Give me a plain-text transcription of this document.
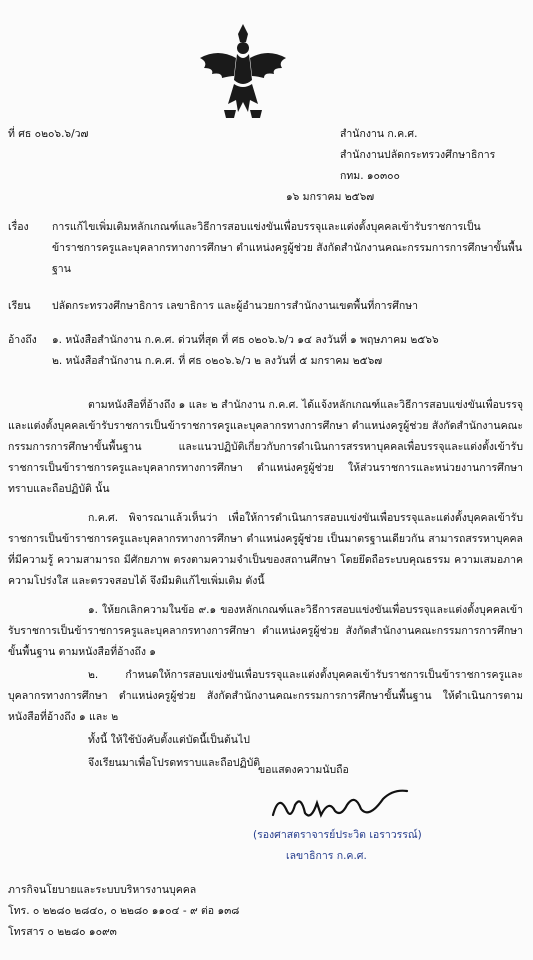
ที่ ศธ ๐๒๐๖.๖/ว๗	สำนักงาน ก.ค.ศ.
สำนักงานปลัดกระทรวงศึกษาธิการ
กทม. ๑๐๓๐๐
๑๖ มกราคม ๒๕๖๗
เรื่อง การแก้ไขเพิ่มเติมหลักเกณฑ์และวิธีการสอบแข่งขันเพื่อบรรจุและแต่งตั้งบุคคลเข้ารับราชการเป็นข้าราชการครูและบุคลากรทางการศึกษา ตำแหน่งครูผู้ช่วย สังกัดสำนักงานคณะกรรมการการศึกษาขั้นพื้นฐาน
เรียน ปลัดกระทรวงศึกษาธิการ เลขาธิการ และผู้อำนวยการสำนักงานเขตพื้นที่การศึกษา
อ้างถึง ๑. หนังสือสำนักงาน ก.ค.ศ. ด่วนที่สุด ที่ ศธ ๐๒๐๖.๖/ว ๑๔ ลงวันที่ ๑ พฤษภาคม ๒๕๖๖
๒. หนังสือสำนักงาน ก.ค.ศ. ที่ ศธ ๐๒๐๖.๖/ว ๒ ลงวันที่ ๕ มกราคม ๒๕๖๗
ตามหนังสือที่อ้างถึง ๑ และ ๒ สำนักงาน ก.ค.ศ. ได้แจ้งหลักเกณฑ์และวิธีการสอบแข่งขันเพื่อบรรจุและแต่งตั้งบุคคลเข้ารับราชการเป็นข้าราชการครูและบุคลากรทางการศึกษา ตำแหน่งครูผู้ช่วย สังกัดสำนักงานคณะกรรมการการศึกษาขั้นพื้นฐาน และแนวปฏิบัติเกี่ยวกับการดำเนินการสรรหาบุคคลเพื่อบรรจุและแต่งตั้งเข้ารับราชการเป็นข้าราชการครูและบุคลากรทางการศึกษา ตำแหน่งครูผู้ช่วย ให้ส่วนราชการและหน่วยงานการศึกษาทราบและถือปฏิบัติ นั้น
ก.ค.ศ. พิจารณาแล้วเห็นว่า เพื่อให้การดำเนินการสอบแข่งขันเพื่อบรรจุและแต่งตั้งบุคคลเข้ารับราชการเป็นข้าราชการครูและบุคลากรทางการศึกษา ตำแหน่งครูผู้ช่วย เป็นมาตรฐานเดียวกัน สามารถสรรหาบุคคลที่มีความรู้ ความสามารถ มีศักยภาพ ตรงตามความจำเป็นของสถานศึกษา โดยยึดถือระบบคุณธรรม ความเสมอภาค ความโปร่งใส และตรวจสอบได้ จึงมีมติแก้ไขเพิ่มเติม ดังนี้
๑. ให้ยกเลิกความในข้อ ๙.๑ ของหลักเกณฑ์และวิธีการสอบแข่งขันเพื่อบรรจุและแต่งตั้งบุคคลเข้ารับราชการเป็นข้าราชการครูและบุคลากรทางการศึกษา ตำแหน่งครูผู้ช่วย สังกัดสำนักงานคณะกรรมการการศึกษาขั้นพื้นฐาน ตามหนังสือที่อ้างถึง ๑
๒. กำหนดให้การสอบแข่งขันเพื่อบรรจุและแต่งตั้งบุคคลเข้ารับราชการเป็นข้าราชการครูและบุคลากรทางการศึกษา ตำแหน่งครูผู้ช่วย สังกัดสำนักงานคณะกรรมการการศึกษาขั้นพื้นฐาน ให้ดำเนินการตามหนังสือที่อ้างถึง ๑ และ ๒
ทั้งนี้ ให้ใช้บังคับตั้งแต่บัดนี้เป็นต้นไป
จึงเรียนมาเพื่อโปรดทราบและถือปฏิบัติ
ขอแสดงความนับถือ
(รองศาสตราจารย์ประวิต เอราวรรณ์)
เลขาธิการ ก.ค.ศ.
ภารกิจนโยบายและระบบบริหารงานบุคคล
โทร. ๐ ๒๒๘๐ ๒๘๔๐, ๐ ๒๒๘๐ ๑๑๐๔ - ๙ ต่อ ๑๓๘
โทรสาร ๐ ๒๒๘๐ ๑๐๙๓
